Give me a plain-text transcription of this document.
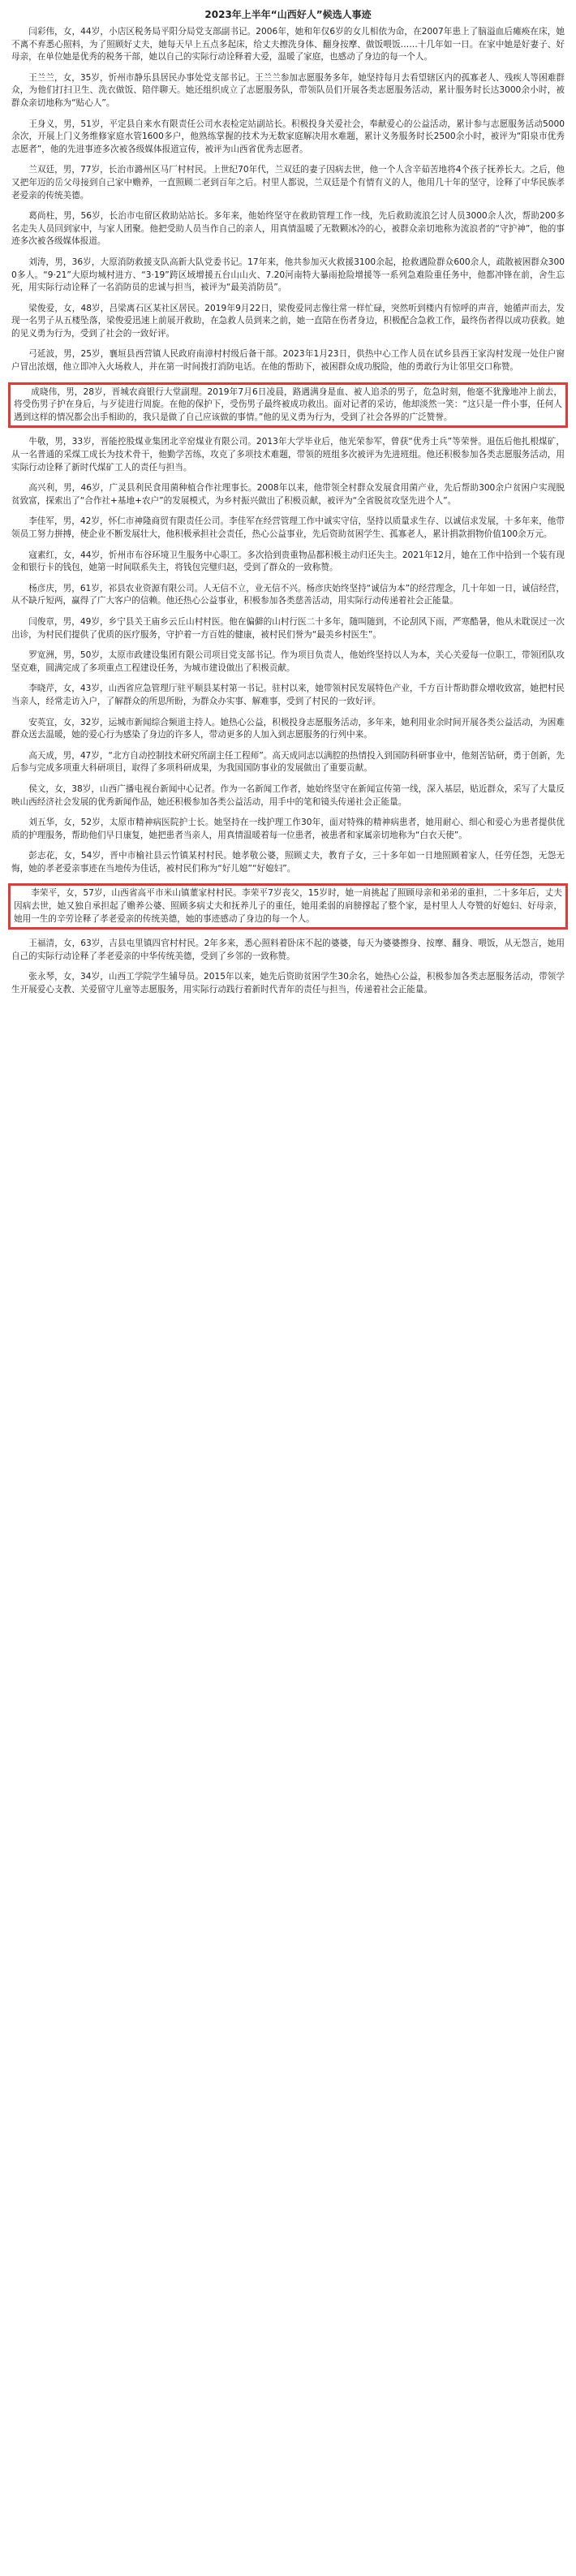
2023年上半年“山西好人”候选人事迹
闫彩伟，女，44岁，小店区税务局平阳分局党支部副书记。2006年，她和年仅6岁的女儿相依为命，在2007年患上了脑溢血后瘫痪在床，她不离不弃悉心照料，为了照顾好丈夫，她每天早上五点多起床，给丈夫擦洗身体、翻身按摩、做饭喂饭……十几年如一日。在家中她是好妻子、好母亲，在单位她是优秀的税务干部，她以自己的实际行动诠释着大爱，温暖了家庭，也感动了身边的每一个人。
王兰兰，女，35岁，忻州市静乐县居民办事处党支部书记。王兰兰参加志愿服务多年，她坚持每月去看望辖区内的孤寡老人、残疾人等困难群众，为他们打扫卫生、洗衣做饭、陪伴聊天。她还组织成立了志愿服务队，带领队员们开展各类志愿服务活动，累计服务时长达3000余小时，被群众亲切地称为“贴心人”。
王身义，男，51岁，平定县自来水有限责任公司水表检定站副站长。积极投身关爱社会，奉献爱心的公益活动，累计参与志愿服务活动5000余次，开展上门义务维修家庭水管1600多户，他熟练掌握的技术为无数家庭解决用水难题，累计义务服务时长2500余小时，被评为“阳泉市优秀志愿者”，他的先进事迹多次被各级媒体报道宣传，被评为山西省优秀志愿者。
兰双廷，男，77岁，长治市潞州区马厂村村民。上世纪70年代，兰双廷的妻子因病去世，他一个人含辛茹苦地将4个孩子抚养长大。之后，他又把年迈的岳父母接到自己家中赡养，一直照顾二老到百年之后。村里人都说，兰双廷是个有情有义的人，他用几十年的坚守，诠释了中华民族孝老爱亲的传统美德。
葛尚柱，男，56岁，长治市屯留区救助站站长。多年来，他始终坚守在救助管理工作一线，先后救助流浪乞讨人员3000余人次，帮助200多名走失人员回到家中，与家人团聚。他把受助人员当作自己的亲人，用真情温暖了无数颗冰冷的心，被群众亲切地称为流浪者的“守护神”，他的事迹多次被各级媒体报道。
刘涛，男，36岁，大原消防救援支队高新大队党委书记。17年来，他共参加灭火救援3100余起，抢救遇险群众600余人，疏散被困群众3000多人。“9·21”大原均城村进方、“3·19”跨区域增援五台山山火、7.20河南特大暴雨抢险增援等一系列急难险重任务中，他都冲锋在前，舍生忘死，用实际行动诠释了一名消防员的忠诚与担当，被评为“最美消防员”。
梁俊爱，女，48岁，吕梁离石区某社区居民。2019年9月22日，梁俊爱同志像往常一样忙碌，突然听到楼内有惊呼的声音，她循声而去，发现一名男子从五楼坠落，梁俊爱迅速上前展开救助，在急救人员到来之前，她一直陪在伤者身边，积极配合急救工作，最终伤者得以成功获救。她的见义勇为行为，受到了社会的一致好评。
弓延波，男，25岁，襄垣县西营镇人民政府南漳村村级后备干部。2023年1月23日，供热中心工作人员在试乡县西王家沟村发现一处住户窗户冒出浓烟，他立即冲入火场救人，并在第一时间拨打消防电话。在他的帮助下，被困群众成功脱险，他的勇敢行为让邻里交口称赞。
成晓伟，男，28岁，晋城农商银行大堂副理。2019年7月6日凌晨，路遇满身是血、被人追杀的男子，危急时刻，他毫不犹豫地冲上前去，将受伤男子护在身后，与歹徒进行周旋。在他的保护下，受伤男子最终被成功救出。面对记者的采访，他却淡然一笑：“这只是一件小事，任何人遇到这样的情况都会出手相助的，我只是做了自己应该做的事情。”他的见义勇为行为，受到了社会各界的广泛赞誉。
牛敬，男，33岁，晋能控股煤业集团北辛窑煤业有限公司。2013年大学毕业后，他光荣参军，曾获“优秀士兵”等荣誉。退伍后他扎根煤矿，从一名普通的采煤工成长为技术骨干，他勤学苦练，攻克了多项技术难题，带领的班组多次被评为先进班组。他还积极参加各类志愿服务活动，用实际行动诠释了新时代煤矿工人的责任与担当。
高兴利，男，46岁，广灵县利民食用菌种植合作社理事长。2008年以来，他带领全村群众发展食用菌产业，先后帮助300余户贫困户实现脱贫致富，探索出了“合作社+基地+农户”的发展模式，为乡村振兴做出了积极贡献，被评为“全省脱贫攻坚先进个人”。
李佳军，男，42岁，怀仁市神隆商贸有限责任公司。李佳军在经营管理工作中诚实守信，坚持以质量求生存、以诚信求发展，十多年来，他带领员工努力拼搏，使企业不断发展壮大，他积极承担社会责任，热心公益事业，先后资助贫困学生、孤寡老人，累计捐款捐物价值100余万元。
寇素红，女，44岁，忻州市布谷环境卫生服务中心职工。多次拾到贵重物品都积极主动归还失主。2021年12月，她在工作中拾到一个装有现金和银行卡的钱包，她第一时间联系失主，将钱包完璧归赵，受到了群众的一致称赞。
杨彦庆，男，61岁，祁县农业资源有限公司。人无信不立，业无信不兴。杨彦庆始终坚持“诚信为本”的经营理念，几十年如一日，诚信经营，从不缺斤短两，赢得了广大客户的信赖。他还热心公益事业，积极参加各类慈善活动，用实际行动传递着社会正能量。
闫俊章，男，49岁，乡宁县关王庙乡云丘山村村医。他在偏僻的山村行医二十多年，随叫随到，不论刮风下雨，严寒酷暑，他从未耽误过一次出诊，为村民们提供了优质的医疗服务，守护着一方百姓的健康，被村民们誉为“最美乡村医生”。
罗宽洲，男，50岁，太原市政建设集团有限公司项目党支部书记。作为项目负责人，他始终坚持以人为本，关心关爱每一位职工，带领团队攻坚克难，圆满完成了多项重点工程建设任务，为城市建设做出了积极贡献。
李晓芹，女，43岁，山西省应急管理厅驻平顺县某村第一书记。驻村以来，她带领村民发展特色产业，千方百计帮助群众增收致富，她把村民当亲人，经常走访入户，了解群众的所思所盼，为群众办实事、解难事，受到了村民的一致好评。
安英宜，女，32岁，运城市新闻综合频道主持人。她热心公益，积极投身志愿服务活动，多年来，她利用业余时间开展各类公益活动，为困难群众送去温暖，她的爱心行为感染了身边的许多人，带动更多的人加入到志愿服务的行列中来。
高天成，男，47岁，“北方自动控制技术研究所副主任工程师”。高天成同志以满腔的热情投入到国防科研事业中，他刻苦钻研，勇于创新，先后参与完成多项重大科研项目，取得了多项科研成果，为我国国防事业的发展做出了重要贡献。
侯文，女，38岁，山西广播电视台新闻中心记者。作为一名新闻工作者，她始终坚守在新闻宣传第一线，深入基层，贴近群众，采写了大量反映山西经济社会发展的优秀新闻作品，她还积极参加各类公益活动，用手中的笔和镜头传递社会正能量。
刘五华，女，52岁，太原市精神病医院护士长。她坚持在一线护理工作30年，面对特殊的精神病患者，她用耐心、细心和爱心为患者提供优质的护理服务，帮助他们早日康复，她把患者当亲人，用真情温暖着每一位患者，被患者和家属亲切地称为“白衣天使”。
彭志花，女，54岁，晋中市榆社县云竹镇某村村民。她孝敬公婆，照顾丈夫，教育子女，三十多年如一日地照顾着家人，任劳任怨，无怨无悔，她的孝老爱亲事迹在当地传为佳话，被村民们称为“好儿媳”“好媳妇”。
李荣平，女，57岁，山西省高平市米山镇董家村村民。李荣平7岁丧父，15岁时，她一肩挑起了照顾母亲和弟弟的重担，二十多年后，丈夫因病去世，她又独自承担起了赡养公婆、照顾多病丈夫和抚养儿子的重任，她用柔弱的肩膀撑起了整个家，是村里人人夸赞的好媳妇、好母亲，她用一生的辛劳诠释了孝老爱亲的传统美德，她的事迹感动了身边的每一个人。
王福清，女，63岁，吉县屯里镇四官村村民。2年多来，悉心照料着卧床不起的婆婆，每天为婆婆擦身、按摩、翻身、喂饭，从无怨言，她用自己的实际行动诠释了孝老爱亲的中华传统美德，受到了乡邻的一致称赞。
张永琴，女，34岁，山西工学院学生辅导员。2015年以来，她先后资助贫困学生30余名，她热心公益，积极参加各类志愿服务活动，带领学生开展爱心支教、关爱留守儿童等志愿服务，用实际行动践行着新时代青年的责任与担当，传递着社会正能量。
